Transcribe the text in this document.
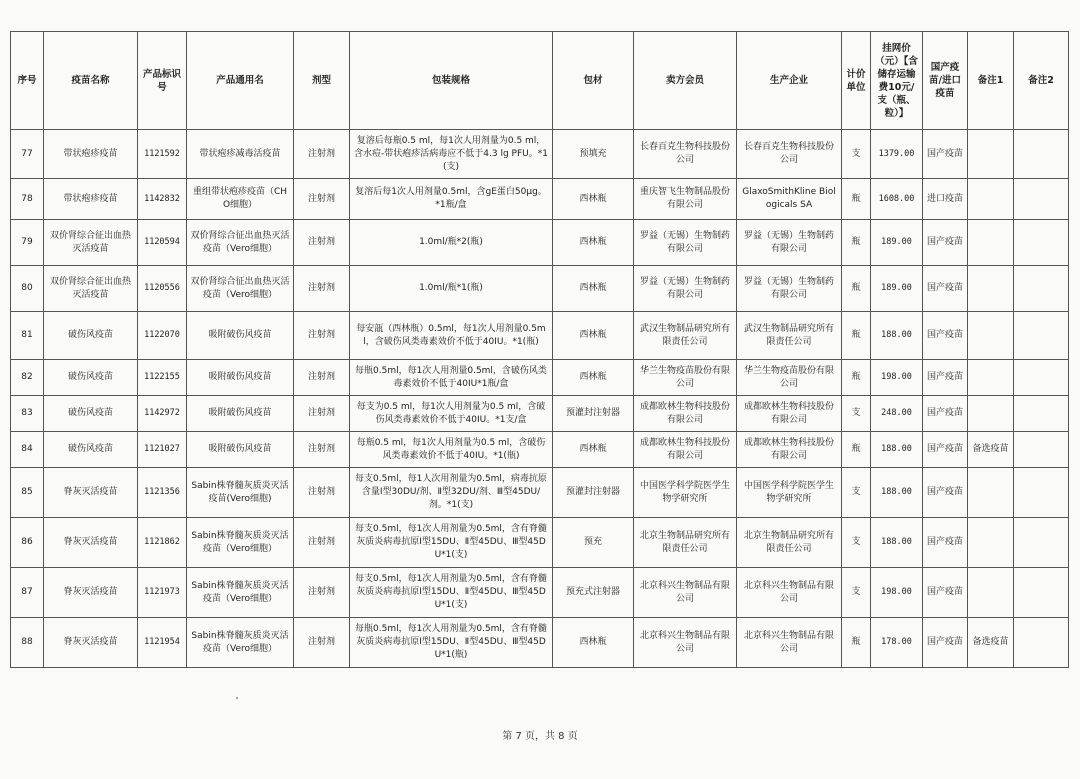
序号	疫苗名称	产品标识号	产品通用名	剂型	包装规格	包材	卖方会员	生产企业	计价单位	挂网价（元）【含储存运输费10元/支（瓶、粒）】	国产疫苗/进口疫苗	备注1	备注2
77	带状疱疹疫苗	1121592	带状疱疹减毒活疫苗	注射剂	复溶后每瓶0.5 ml，每1次人用剂量为0.5 ml，含水痘-带状疱疹活病毒应不低于4.3 lg PFU。*1(支)	预填充	长春百克生物科技股份公司	长春百克生物科技股份公司	支	1379.00	国产疫苗		
78	带状疱疹疫苗	1142832	重组带状疱疹疫苗（CHO细胞）	注射剂	复溶后每1次人用剂量0.5ml，含gE蛋白50μg。*1瓶/盒	西林瓶	重庆智飞生物制品股份有限公司	GlaxoSmithKline Biologicals SA	瓶	1608.00	进口疫苗		
79	双价肾综合征出血热灭活疫苗	1120594	双价肾综合征出血热灭活疫苗（Vero细胞）	注射剂	1.0ml/瓶*2(瓶)	西林瓶	罗益（无锡）生物制药有限公司	罗益（无锡）生物制药有限公司	瓶	189.00	国产疫苗		
80	双价肾综合征出血热灭活疫苗	1120556	双价肾综合征出血热灭活疫苗（Vero细胞）	注射剂	1.0ml/瓶*1(瓶)	西林瓶	罗益（无锡）生物制药有限公司	罗益（无锡）生物制药有限公司	瓶	189.00	国产疫苗		
81	破伤风疫苗	1122070	吸附破伤风疫苗	注射剂	每安瓿（西林瓶）0.5ml，每1次人用剂量0.5ml，含破伤风类毒素效价不低于40IU。*1(瓶)	西林瓶	武汉生物制品研究所有限责任公司	武汉生物制品研究所有限责任公司	瓶	188.00	国产疫苗		
82	破伤风疫苗	1122155	吸附破伤风疫苗	注射剂	每瓶0.5ml，每1次人用剂量0.5ml，含破伤风类毒素效价不低于40IU*1瓶/盒	西林瓶	华兰生物疫苗股份有限公司	华兰生物疫苗股份有限公司	瓶	198.00	国产疫苗		
83	破伤风疫苗	1142972	吸附破伤风疫苗	注射剂	每支为0.5 ml，每1次人用剂量为0.5 ml，含破伤风类毒素效价不低于40IU。*1支/盒	预灌封注射器	成都欧林生物科技股份有限公司	成都欧林生物科技股份有限公司	支	248.00	国产疫苗		
84	破伤风疫苗	1121027	吸附破伤风疫苗	注射剂	每瓶0.5 ml，每1次人用剂量为0.5 ml，含破伤风类毒素效价不低于40IU。*1(瓶)	西林瓶	成都欧林生物科技股份有限公司	成都欧林生物科技股份有限公司	瓶	188.00	国产疫苗	备选疫苗	
85	脊灰灭活疫苗	1121356	Sabin株脊髓灰质炎灭活疫苗(Vero细胞)	注射剂	每支0.5ml，每1人次用剂量为0.5ml，病毒抗原含量Ⅰ型30DU/剂、Ⅱ型32DU/剂、Ⅲ型45DU/剂。*1(支)	预灌封注射器	中国医学科学院医学生物学研究所	中国医学科学院医学生物学研究所	支	188.00	国产疫苗		
86	脊灰灭活疫苗	1121862	Sabin株脊髓灰质炎灭活疫苗（Vero细胞）	注射剂	每支0.5ml，每1次人用剂量为0.5ml，含有脊髓灰质炎病毒抗原Ⅰ型15DU、Ⅱ型45DU、Ⅲ型45DU*1(支)	预充	北京生物制品研究所有限责任公司	北京生物制品研究所有限责任公司	支	188.00	国产疫苗		
87	脊灰灭活疫苗	1121973	Sabin株脊髓灰质炎灭活疫苗（Vero细胞）	注射剂	每支0.5ml，每1次人用剂量为0.5ml，含有脊髓灰质炎病毒抗原Ⅰ型15DU、Ⅱ型45DU、Ⅲ型45DU*1(支)	预充式注射器	北京科兴生物制品有限公司	北京科兴生物制品有限公司	支	198.00	国产疫苗		
88	脊灰灭活疫苗	1121954	Sabin株脊髓灰质炎灭活疫苗（Vero细胞）	注射剂	每瓶0.5ml，每1次人用剂量为0.5ml，含有脊髓灰质炎病毒抗原Ⅰ型15DU、Ⅱ型45DU、Ⅲ型45DU*1(瓶)	西林瓶	北京科兴生物制品有限公司	北京科兴生物制品有限公司	瓶	178.00	国产疫苗	备选疫苗	
第 7 页，共 8 页
